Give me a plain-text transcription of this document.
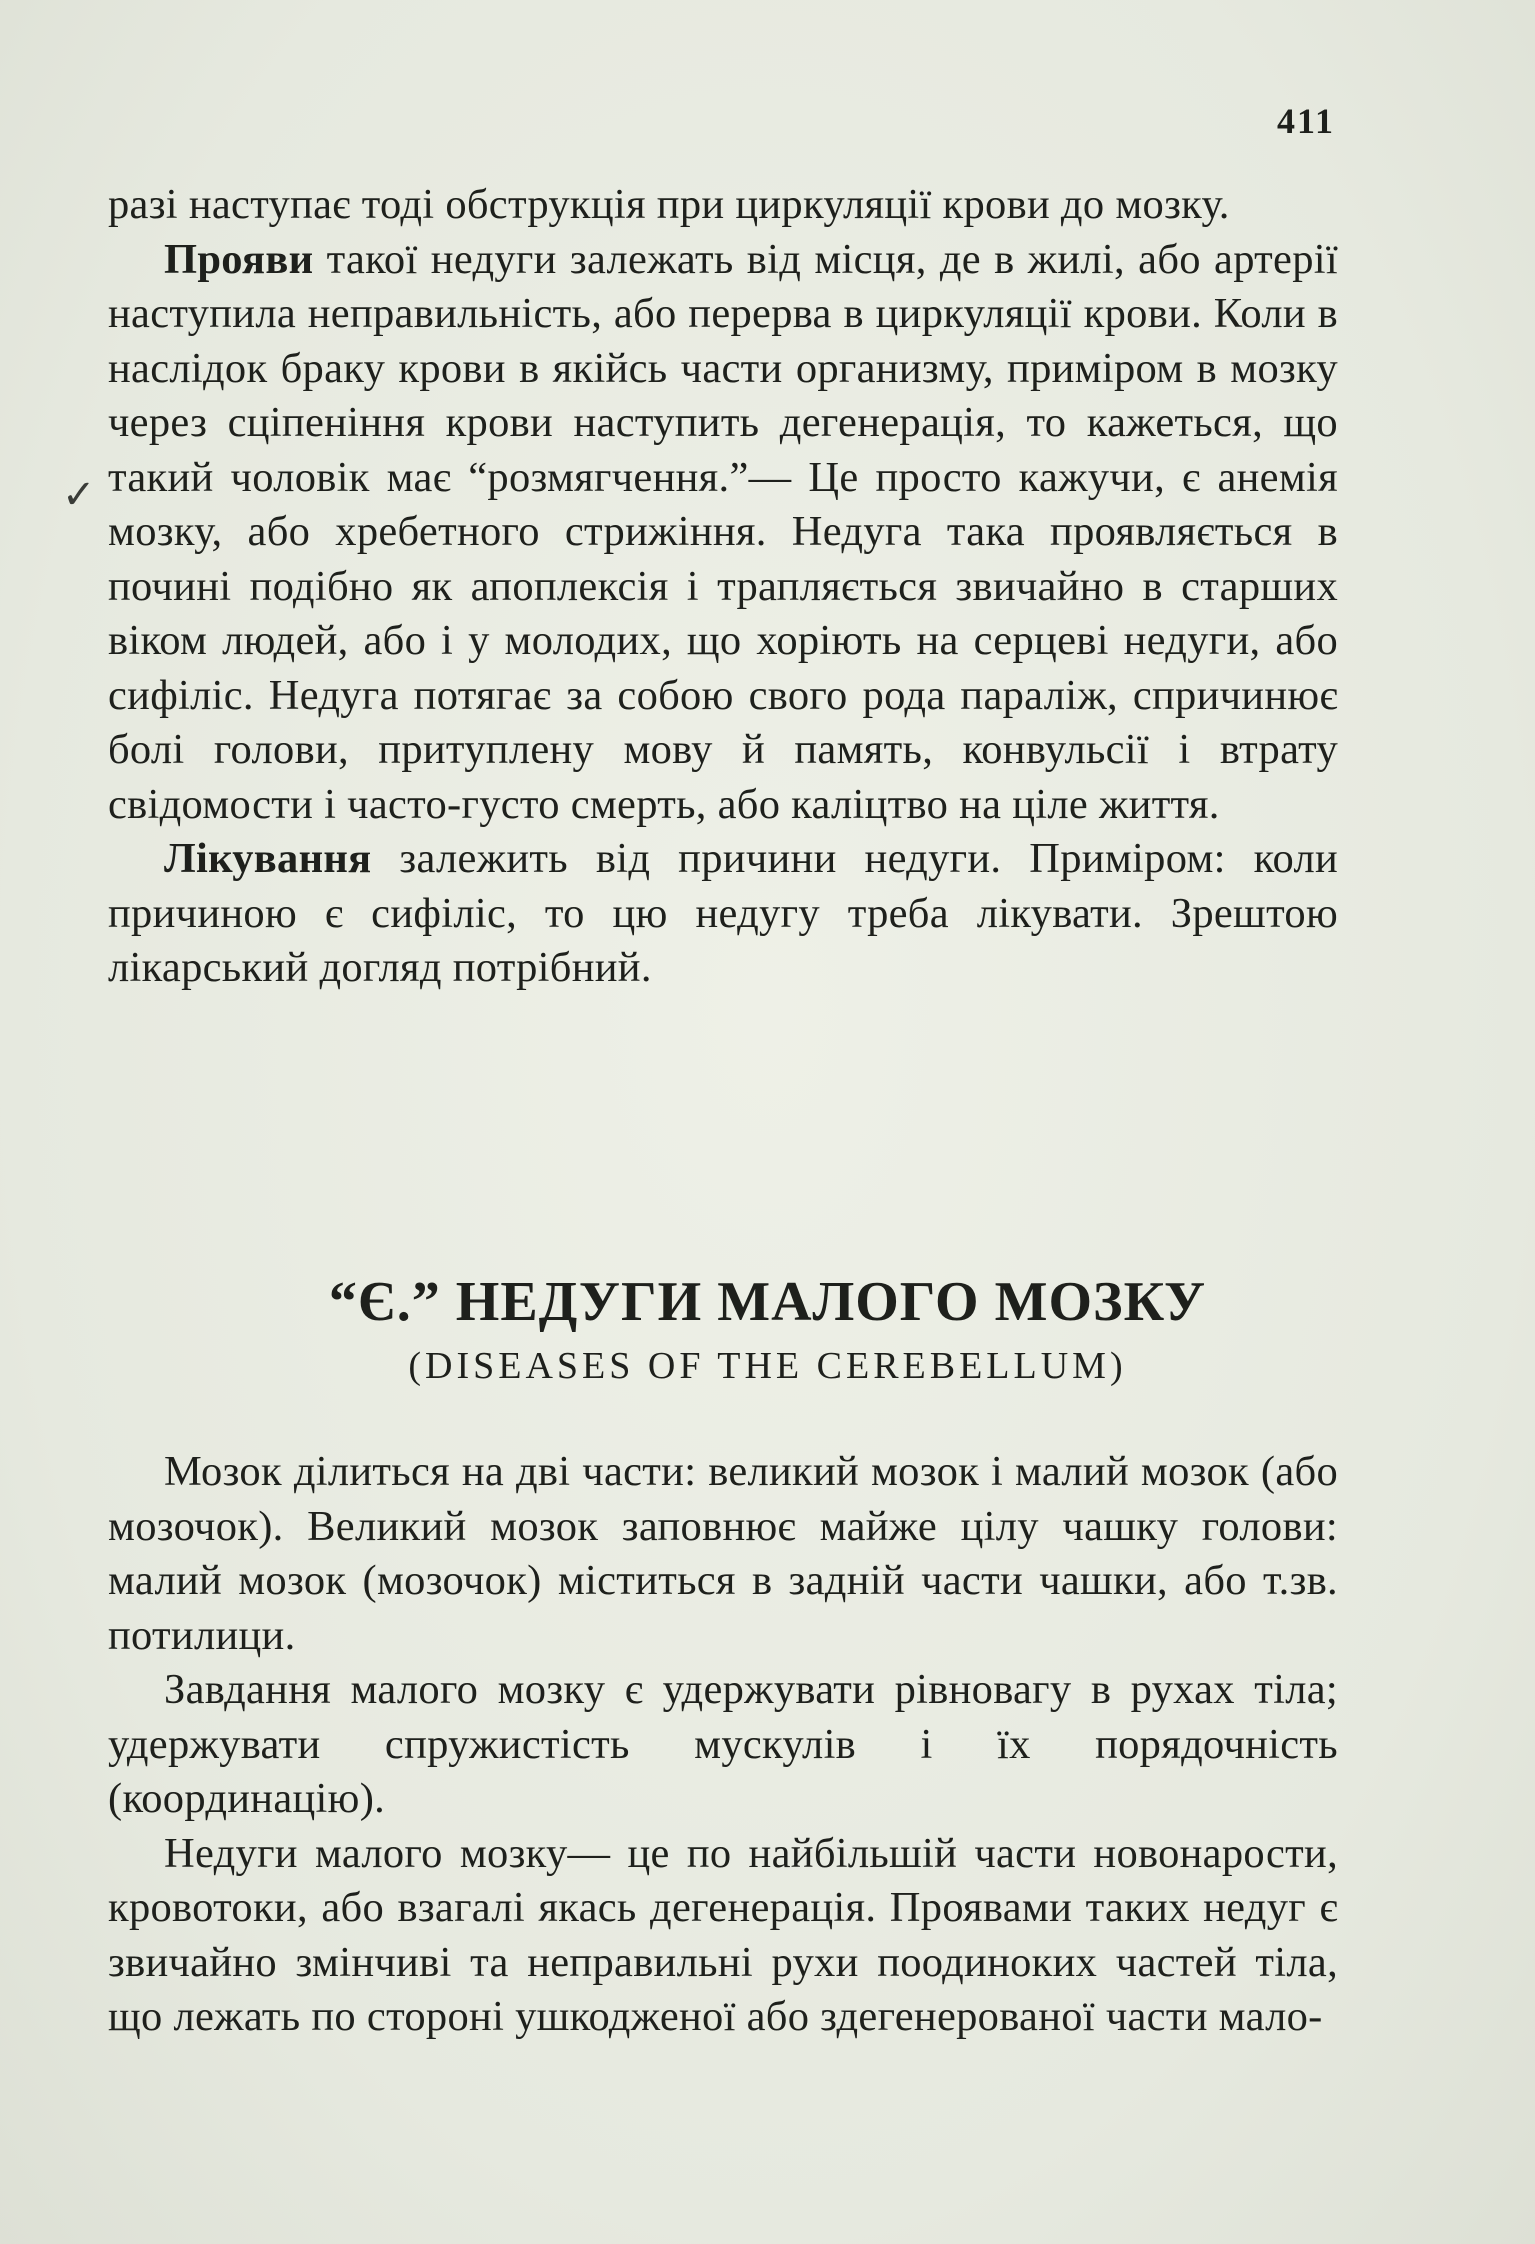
411
✓

разі наступає тоді обструкція при циркуляції крови до мозку.

Прояви такої недуги залежать від місця, де в жилі, або артерії наступила неправильність, або перерва в циркуляції крови. Коли в наслідок браку крови в якійсь части организму, приміром в мозку через сціпеніння крови наступить дегенерація, то кажеться, що такий чоловік має “розмягчення.”— Це просто кажучи, є анемія мозку, або хребетного стрижіння. Недуга така проявляється в почині подібно як апоплексія і трапляється звичайно в старших віком людей, або і у молодих, що хоріють на серцеві недуги, або сифіліс. Недуга потягає за собою свого рода параліж, спричинює болі голови, притуплену мову й память, конвульсії і втрату свідомости і часто-густо смерть, або каліцтво на ціле життя.

Лікування залежить від причини недуги. Приміром: коли причиною є сифіліс, то цю недугу треба лікувати. Зрештою лікарський догляд потрібний.

“Є.” НЕДУГИ МАЛОГО МОЗКУ
(DISEASES OF THE CEREBELLUM)

Мозок ділиться на дві части: великий мозок і малий мозок (або мозочок). Великий мозок заповнює майже цілу чашку голови: малий мозок (мозочок) міститься в задній части чашки, або т.зв. потилици.

Завдання малого мозку є удержувати рівновагу в рухах тіла; удержувати спружистість мускулів і їх порядочність (координацію).

Недуги малого мозку— це по найбільшій части новонарости, кровотоки, або взагалі якась дегенерація. Проявами таких недуг є звичайно змінчиві та неправильні рухи поодиноких частей тіла, що лежать по стороні ушкодженої або здегенерованої части мало-
